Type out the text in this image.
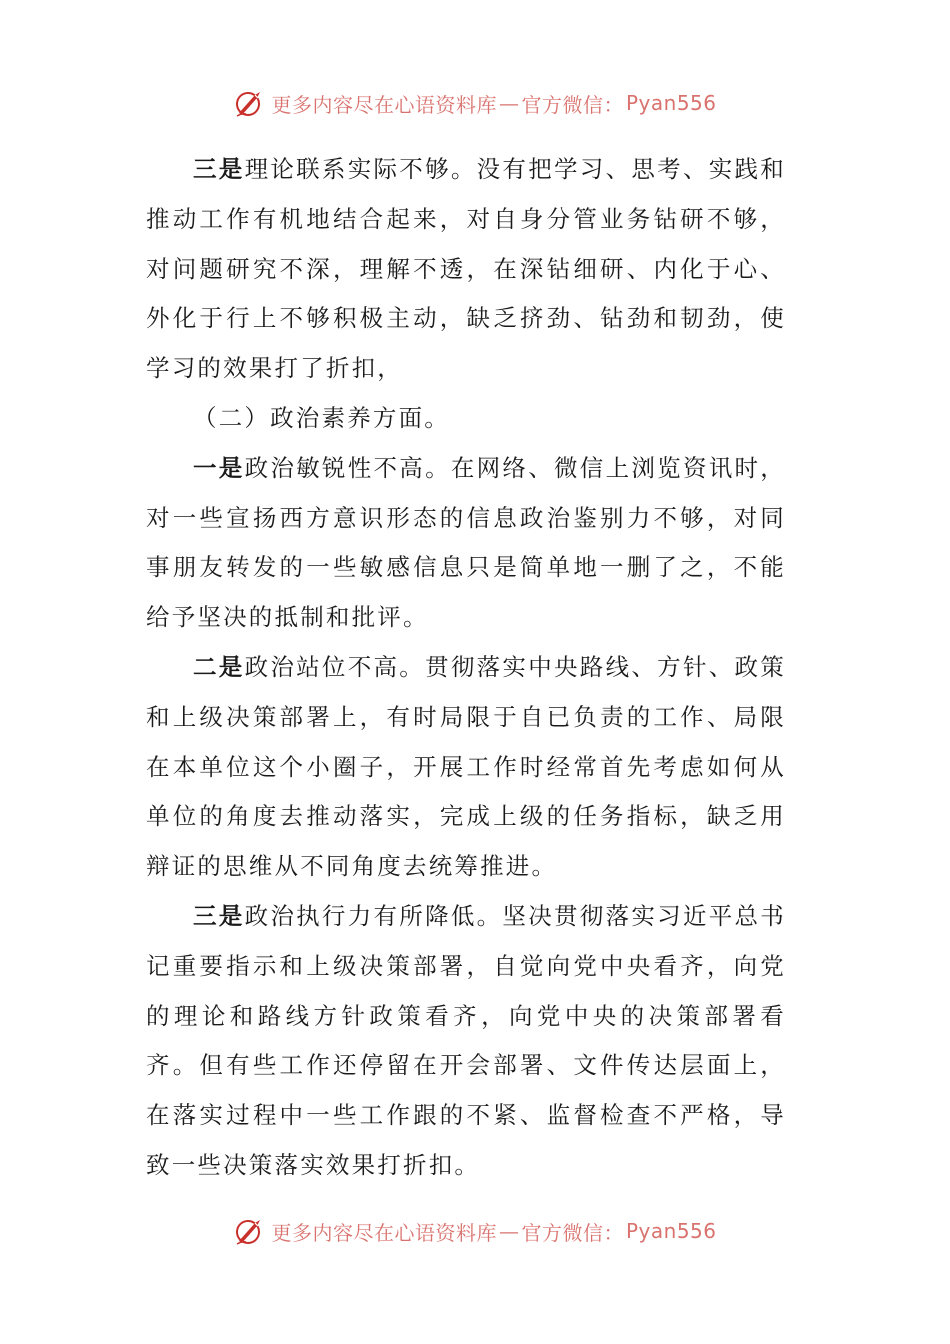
更多内容尽在心语资料库 — 官方微信： Pyan556

三是理论联系实际不够。没有把学习、思考、实践和推动工作有机地结合起来，对自身分管业务钻研不够，对问题研究不深，理解不透，在深钻细研、内化于心、外化于行上不够积极主动，缺乏挤劲、钻劲和韧劲，使学习的效果打了折扣，

（二）政治素养方面。

一是政治敏锐性不高。在网络、微信上浏览资讯时，对一些宣扬西方意识形态的信息政治鉴别力不够，对同事朋友转发的一些敏感信息只是简单地一删了之，不能给予坚决的抵制和批评。

二是政治站位不高。贯彻落实中央路线、方针、政策和上级决策部署上，有时局限于自已负责的工作、局限在本单位这个小圈子，开展工作时经常首先考虑如何从单位的角度去推动落实，完成上级的任务指标，缺乏用辩证的思维从不同角度去统筹推进。

三是政治执行力有所降低。坚决贯彻落实习近平总书记重要指示和上级决策部署，自觉向党中央看齐，向党的理论和路线方针政策看齐，向党中央的决策部署看齐。但有些工作还停留在开会部署、文件传达层面上，在落实过程中一些工作跟的不紧、监督检查不严格，导致一些决策落实效果打折扣。

更多内容尽在心语资料库 — 官方微信： Pyan556
